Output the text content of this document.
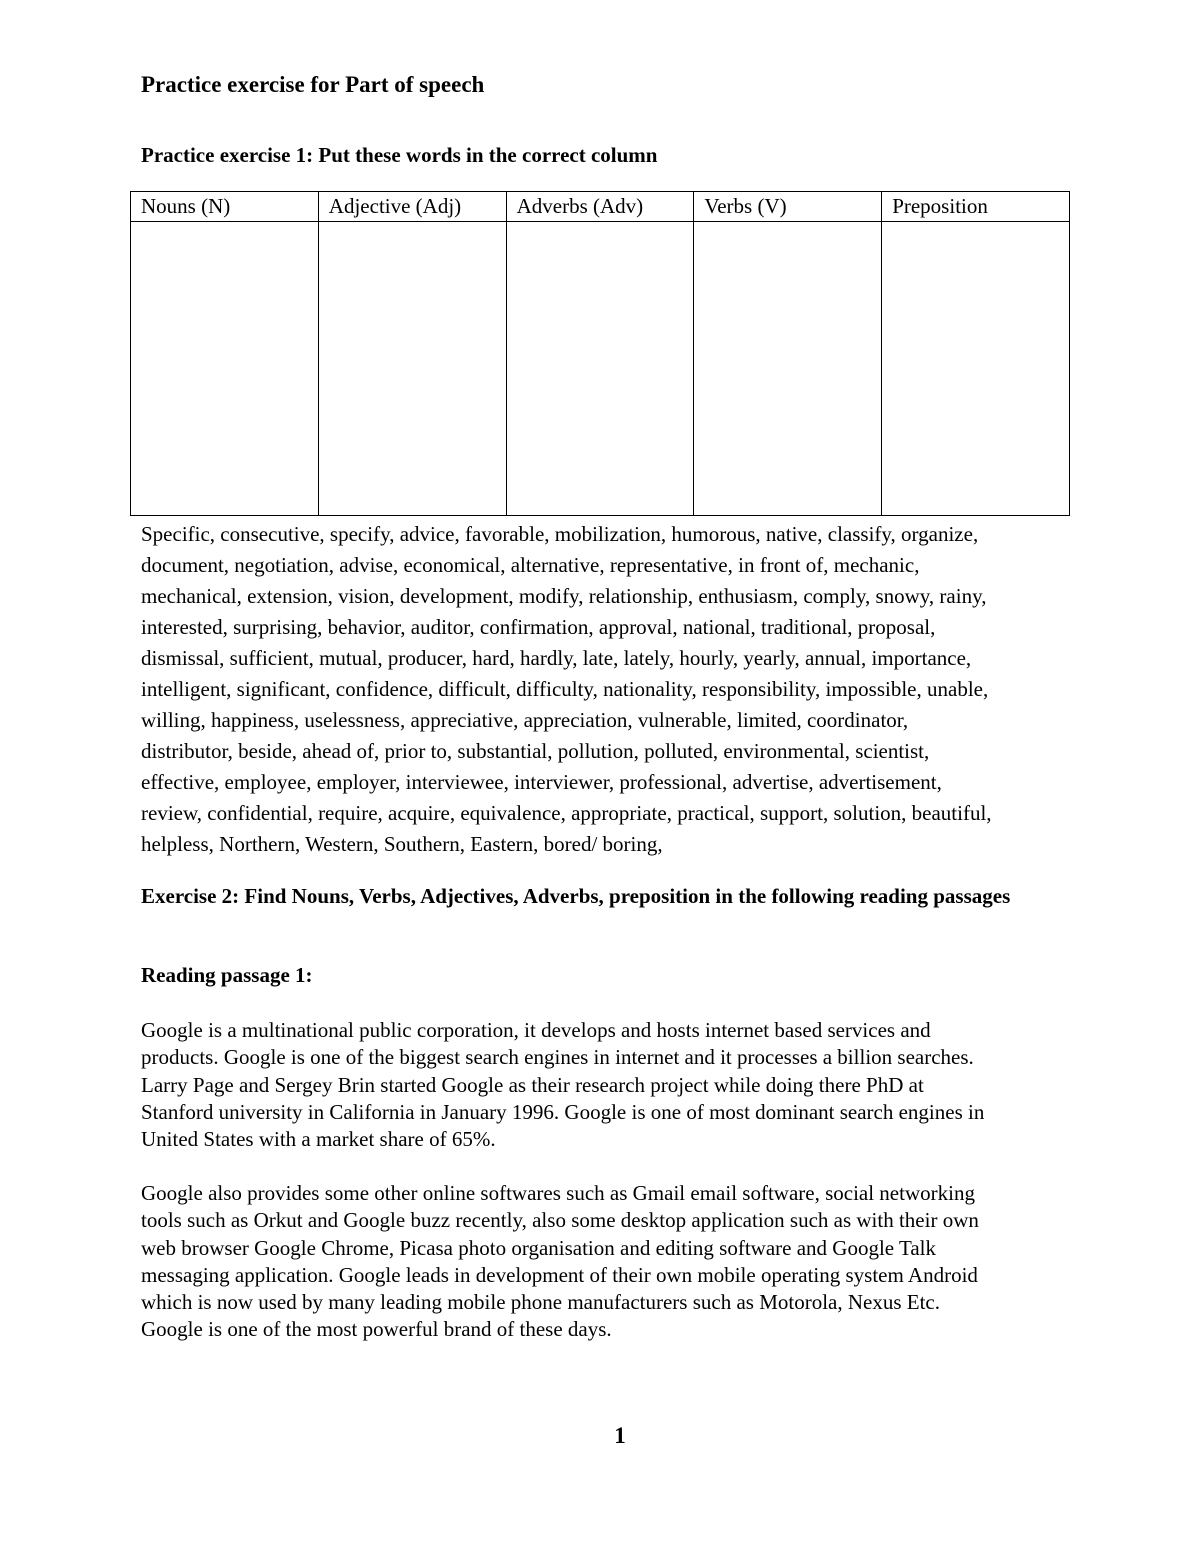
Practice exercise for Part of speech
Practice exercise 1: Put these words in the correct column
Nouns (N)	Adjective (Adj)	Adverbs (Adv)	Verbs (V)	Preposition

Specific, consecutive, specify, advice, favorable, mobilization, humorous, native, classify, organize,
document, negotiation, advise, economical, alternative, representative, in front of, mechanic,
mechanical, extension, vision, development, modify, relationship, enthusiasm, comply, snowy, rainy,
interested, surprising, behavior, auditor, confirmation, approval, national, traditional, proposal,
dismissal, sufficient, mutual, producer, hard, hardly, late, lately, hourly, yearly, annual, importance,
intelligent, significant, confidence, difficult, difficulty, nationality, responsibility, impossible, unable,
willing, happiness, uselessness, appreciative, appreciation, vulnerable, limited, coordinator,
distributor, beside, ahead of, prior to, substantial, pollution, polluted, environmental, scientist,
effective, employee, employer, interviewee, interviewer, professional, advertise, advertisement,
review, confidential, require, acquire, equivalence, appropriate, practical, support, solution, beautiful,
helpless, Northern, Western, Southern, Eastern, bored/ boring,
Exercise 2: Find Nouns, Verbs, Adjectives, Adverbs, preposition in the following reading passages
Reading passage 1:
Google is a multinational public corporation, it develops and hosts internet based services and
products. Google is one of the biggest search engines in internet and it processes a billion searches.
Larry Page and Sergey Brin started Google as their research project while doing there PhD at
Stanford university in California in January 1996. Google is one of most dominant search engines in
United States with a market share of 65%.
Google also provides some other online softwares such as Gmail email software, social networking
tools such as Orkut and Google buzz recently, also some desktop application such as with their own
web browser Google Chrome, Picasa photo organisation and editing software and Google Talk
messaging application. Google leads in development of their own mobile operating system Android
which is now used by many leading mobile phone manufacturers such as Motorola, Nexus Etc.
Google is one of the most powerful brand of these days.
1
